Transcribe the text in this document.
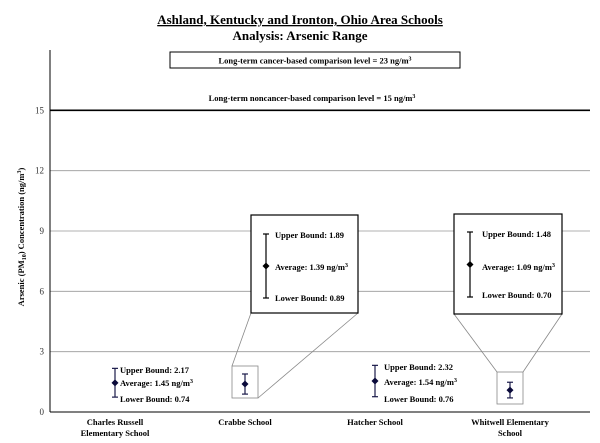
Ashland, Kentucky and Ironton, Ohio Area Schools
Analysis: Arsenic Range
Arsenic $(PM_{10})$ Concentration $(ng/m^3)$
0
3
6
9
12
15
Long-term cancer-based comparison level = 23 $ng/m^3$
Long-term noncancer-based comparison level = 15 $ng/m^3$
Upper Bound: 2.17
Average: 1.45 $ng/m^3$
Lower Bound: 0.74
Upper Bound: 1.89
Average: 1.39 $ng/m^3$
Lower Bound: 0.89
Upper Bound: 2.32
Average: 1.54 $ng/m^3$
Lower Bound: 0.76
Upper Bound: 1.48
Average: 1.09 $ng/m^3$
Lower Bound: 0.70
Charles Russell Elementary School
Crabbe School	Hatcher School	Whitwell Elementary School
